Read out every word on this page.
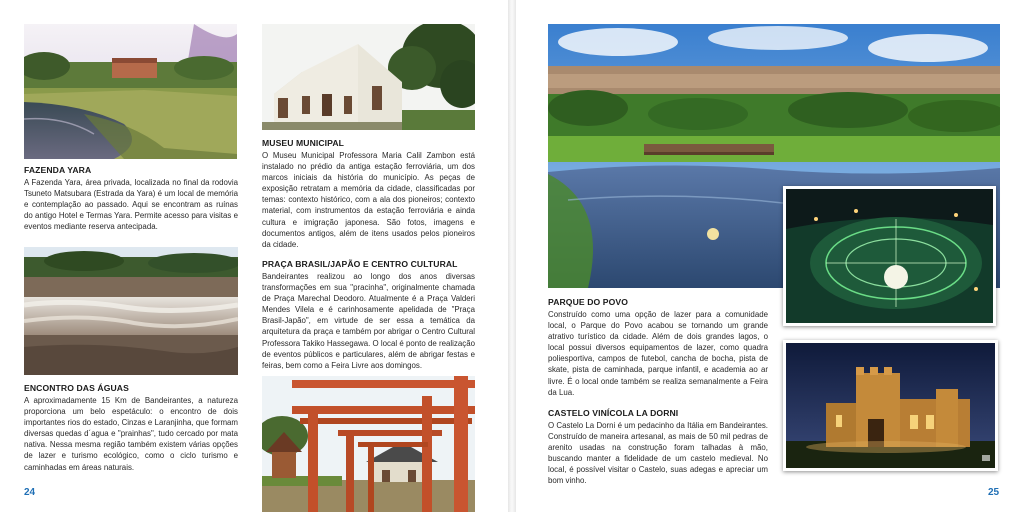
FAZENDA YARA
A Fazenda Yara, área privada, localizada no final da rodovia Tsuneto Matsubara (Estrada da Yara) é um local de memória e contemplação ao passado. Aqui se encontram as ruínas do antigo Hotel e Termas Yara. Permite acesso para visitas e eventos mediante reserva antecipada.
ENCONTRO DAS ÁGUAS
A aproximadamente 15 Km de Bandeirantes, a natureza proporciona um belo espetáculo: o encontro de dois importantes rios do estado, Cinzas e Laranjinha, que formam diversas quedas d´agua e "prainhas", tudo cercado por mata nativa. Nessa mesma região também existem várias opções de lazer e turismo ecológico, como o ciclo turismo e caminhadas em áreas naturais.
MUSEU MUNICIPAL
O Museu Municipal Professora Maria Calil Zambon está instalado no prédio da antiga estação ferroviária, um dos marcos iniciais da história do município. As peças de exposição retratam a memória da cidade, classificadas por temas: contexto histórico, com a ala dos pioneiros; contexto material, com instrumentos da estação ferroviária e ainda cultura e imigração japonesa. São fotos, imagens e documentos antigos, além de itens usados pelos pioneiros da cidade.
PRAÇA BRASIL/JAPÃO E CENTRO CULTURAL
Bandeirantes realizou ao longo dos anos diversas transformações em sua "pracinha", originalmente chamada de Praça Marechal Deodoro. Atualmente é a Praça Valderi Mendes Vilela e é carinhosamente apelidada de "Praça Brasil-Japão", em virtude de ser essa a temática da arquitetura da praça e também por abrigar o Centro Cultural Professora Takiko Hassegawa. O local é ponto de realização de eventos públicos e particulares, além de abrigar festas e feiras, bem como a Feira Livre aos domingos.
24
PARQUE DO POVO
Construído como uma opção de lazer para a comunidade local, o Parque do Povo acabou se tornando um grande atrativo turístico da cidade. Além de dois grandes lagos, o local possui diversos equipamentos de lazer, como quadra poliesportiva, campos de futebol, cancha de bocha, pista de skate, pista de caminhada, parque infantil, e academia ao ar livre. É o local onde também se realiza semanalmente a Feira da Lua.
CASTELO VINÍCOLA LA DORNI
O Castelo La Dorni é um pedacinho da Itália em Bandeirantes. Construído de maneira artesanal, as mais de 50 mil pedras de arenito usadas na construção foram talhadas à mão, buscando manter a fidelidade de um castelo medieval. No local, é possível visitar o Castelo, suas adegas e apreciar um bom vinho.
25
